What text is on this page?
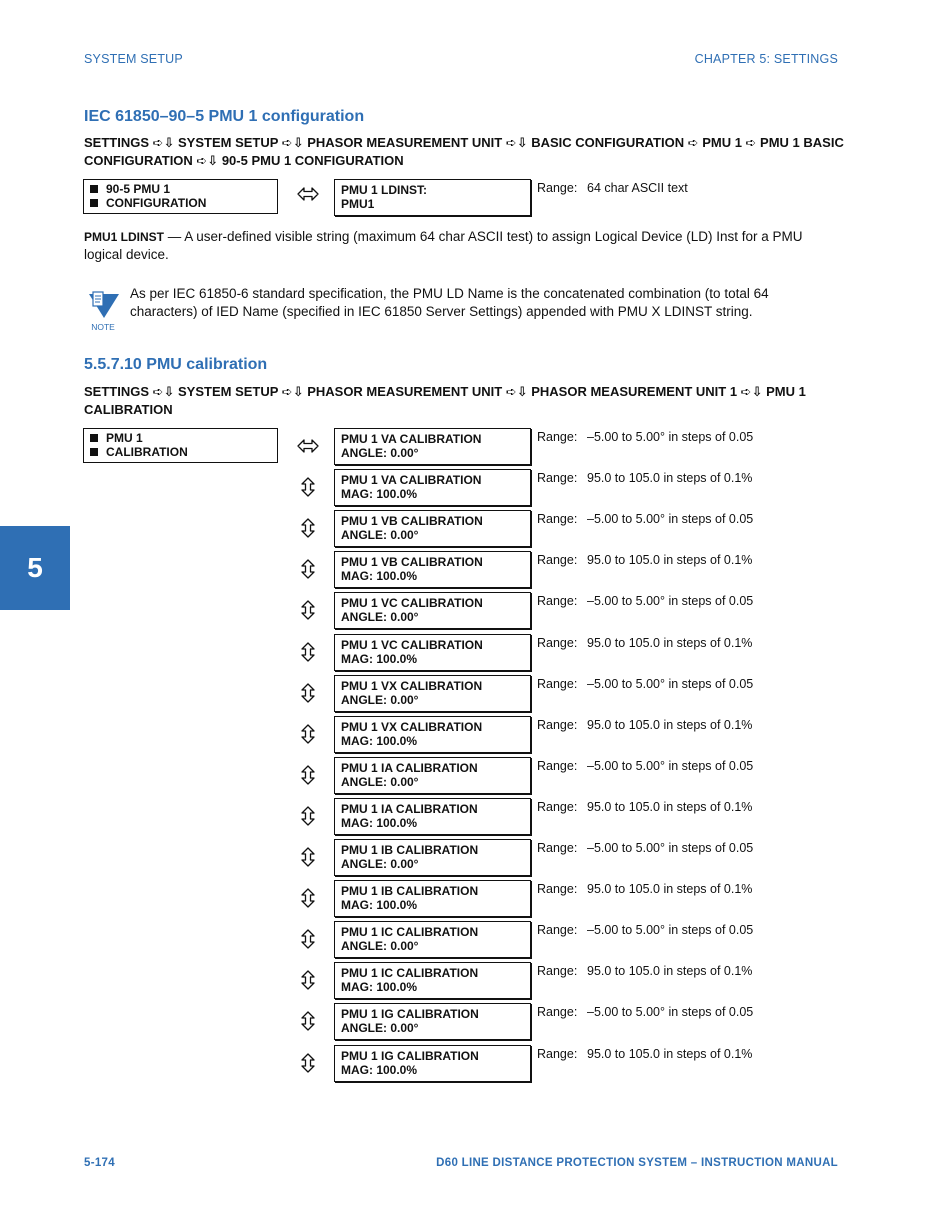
SYSTEM SETUP	CHAPTER 5: SETTINGS
5
IEC 61850–90–5 PMU 1 configuration
SETTINGS ➪⇩ SYSTEM SETUP ➪⇩ PHASOR MEASUREMENT UNIT ➪⇩ BASIC CONFIGURATION ➪ PMU 1 ➪ PMU 1 BASIC CONFIGURATION ➪⇩ 90-5 PMU 1 CONFIGURATION
90-5 PMU 1
CONFIGURATION
PMU 1 LDINST:
PMU1
Range: 64 char ASCII text
PMU1 LDINST — A user-defined visible string (maximum 64 char ASCII test) to assign Logical Device (LD) Inst for a PMU logical device.
NOTE
As per IEC 61850-6 standard specification, the PMU LD Name is the concatenated combination (to total 64 characters) of IED Name (specified in IEC 61850 Server Settings) appended with PMU X LDINST string.
5.5.7.10 PMU calibration
SETTINGS ➪⇩ SYSTEM SETUP ➪⇩ PHASOR MEASUREMENT UNIT ➪⇩ PHASOR MEASUREMENT UNIT 1 ➪⇩ PMU 1 CALIBRATION
PMU 1
CALIBRATION
PMU 1 VA CALIBRATION
ANGLE: 0.00°
Range: –5.00 to 5.00° in steps of 0.05
PMU 1 VA CALIBRATION
MAG: 100.0%
Range: 95.0 to 105.0 in steps of 0.1%
PMU 1 VB CALIBRATION
ANGLE: 0.00°
Range: –5.00 to 5.00° in steps of 0.05
PMU 1 VB CALIBRATION
MAG: 100.0%
Range: 95.0 to 105.0 in steps of 0.1%
PMU 1 VC CALIBRATION
ANGLE: 0.00°
Range: –5.00 to 5.00° in steps of 0.05
PMU 1 VC CALIBRATION
MAG: 100.0%
Range: 95.0 to 105.0 in steps of 0.1%
PMU 1 VX CALIBRATION
ANGLE: 0.00°
Range: –5.00 to 5.00° in steps of 0.05
PMU 1 VX CALIBRATION
MAG: 100.0%
Range: 95.0 to 105.0 in steps of 0.1%
PMU 1 IA CALIBRATION
ANGLE: 0.00°
Range: –5.00 to 5.00° in steps of 0.05
PMU 1 IA CALIBRATION
MAG: 100.0%
Range: 95.0 to 105.0 in steps of 0.1%
PMU 1 IB CALIBRATION
ANGLE: 0.00°
Range: –5.00 to 5.00° in steps of 0.05
PMU 1 IB CALIBRATION
MAG: 100.0%
Range: 95.0 to 105.0 in steps of 0.1%
PMU 1 IC CALIBRATION
ANGLE: 0.00°
Range: –5.00 to 5.00° in steps of 0.05
PMU 1 IC CALIBRATION
MAG: 100.0%
Range: 95.0 to 105.0 in steps of 0.1%
PMU 1 IG CALIBRATION
ANGLE: 0.00°
Range: –5.00 to 5.00° in steps of 0.05
PMU 1 IG CALIBRATION
MAG: 100.0%
Range: 95.0 to 105.0 in steps of 0.1%
5-174	D60 LINE DISTANCE PROTECTION SYSTEM – INSTRUCTION MANUAL
